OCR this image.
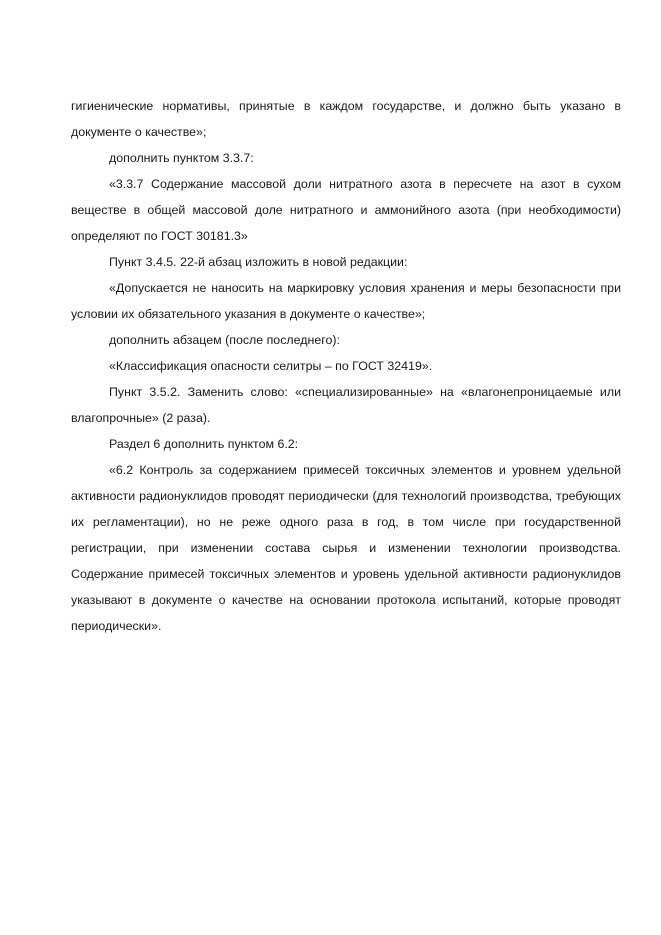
гигиенические нормативы, принятые в каждом государстве, и должно быть указано в документе о качестве»;

дополнить пунктом 3.3.7:

«3.3.7 Содержание массовой доли нитратного азота в пересчете на азот в сухом веществе в общей массовой доле нитратного и аммонийного азота (при необходимости) определяют по ГОСТ 30181.3»

Пункт 3.4.5. 22-й абзац изложить в новой редакции:

«Допускается не наносить на маркировку условия хранения и меры безопасности при условии их обязательного указания в документе о качестве»;

дополнить абзацем (после последнего):

«Классификация опасности селитры – по ГОСТ 32419».

Пункт 3.5.2. Заменить слово: «специализированные» на «влагонепроницаемые или влагопрочные» (2 раза).

Раздел 6 дополнить пунктом 6.2:

«6.2 Контроль за содержанием примесей токсичных элементов и уровнем удельной активности радионуклидов проводят периодически (для технологий производства, требующих их регламентации), но не реже одного раза в год, в том числе при государственной регистрации, при изменении состава сырья и изменении технологии производства. Содержание примесей токсичных элементов и уровень удельной активности радионуклидов указывают в документе о качестве на основании протокола испытаний, которые проводят периодически».
